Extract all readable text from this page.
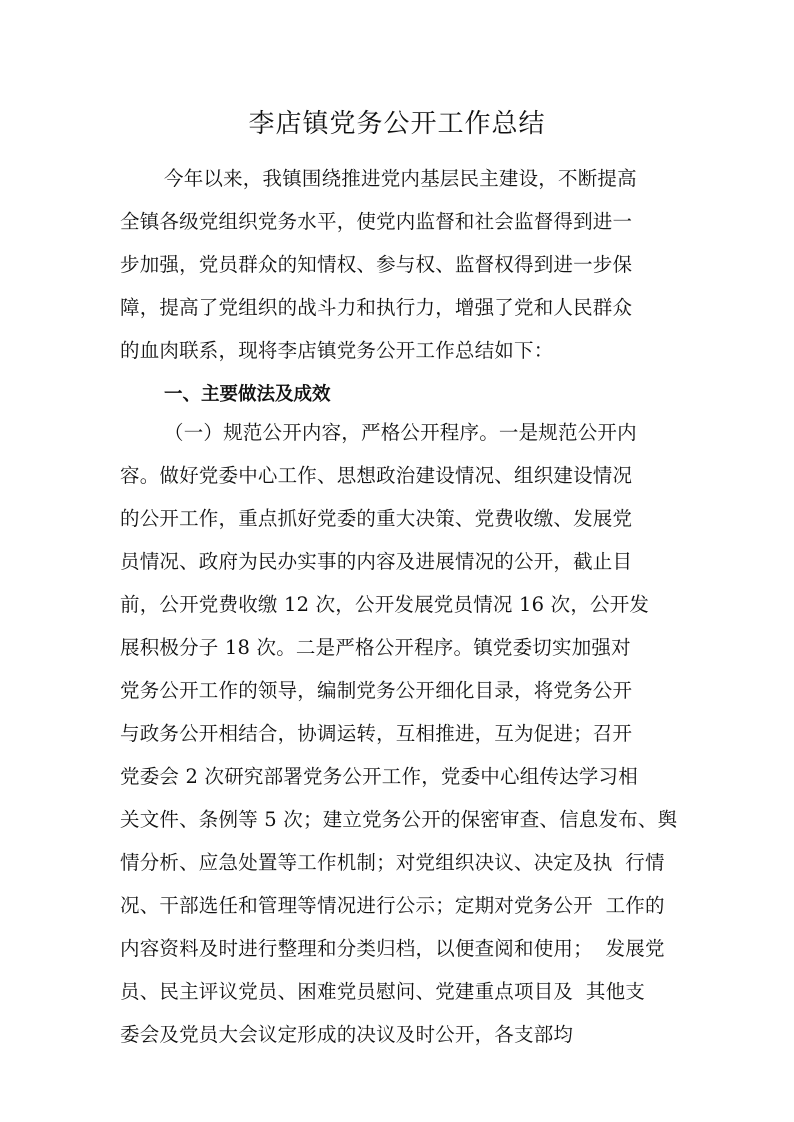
李店镇党务公开工作总结
今年以来，我镇围绕推进党内基层民主建设，不断提高
全镇各级党组织党务水平，使党内监督和社会监督得到进一
步加强，党员群众的知情权、参与权、监督权得到进一步保
障，提高了党组织的战斗力和执行力，增强了党和人民群众
的血肉联系，现将李店镇党务公开工作总结如下：
一、主要做法及成效
（一）规范公开内容，严格公开程序。一是规范公开内
容。做好党委中心工作、思想政治建设情况、组织建设情况
的公开工作，重点抓好党委的重大决策、党费收缴、发展党
员情况、政府为民办实事的内容及进展情况的公开，截止目
前，公开党费收缴 12 次，公开发展党员情况 16 次，公开发
展积极分子 18 次。二是严格公开程序。镇党委切实加强对
党务公开工作的领导，编制党务公开细化目录，将党务公开
与政务公开相结合，协调运转，互相推进，互为促进；召开
党委会 2 次研究部署党务公开工作，党委中心组传达学习相
关文件、条例等 5 次；建立党务公开的保密审查、信息发布、舆
情分析、应急处置等工作机制；对党组织决议、决定及执  行情
况、干部选任和管理等情况进行公示；定期对党务公开  工作的
内容资料及时进行整理和分类归档，以便查阅和使用；  发展党
员、民主评议党员、困难党员慰问、党建重点项目及  其他支
委会及党员大会议定形成的决议及时公开，各支部均
